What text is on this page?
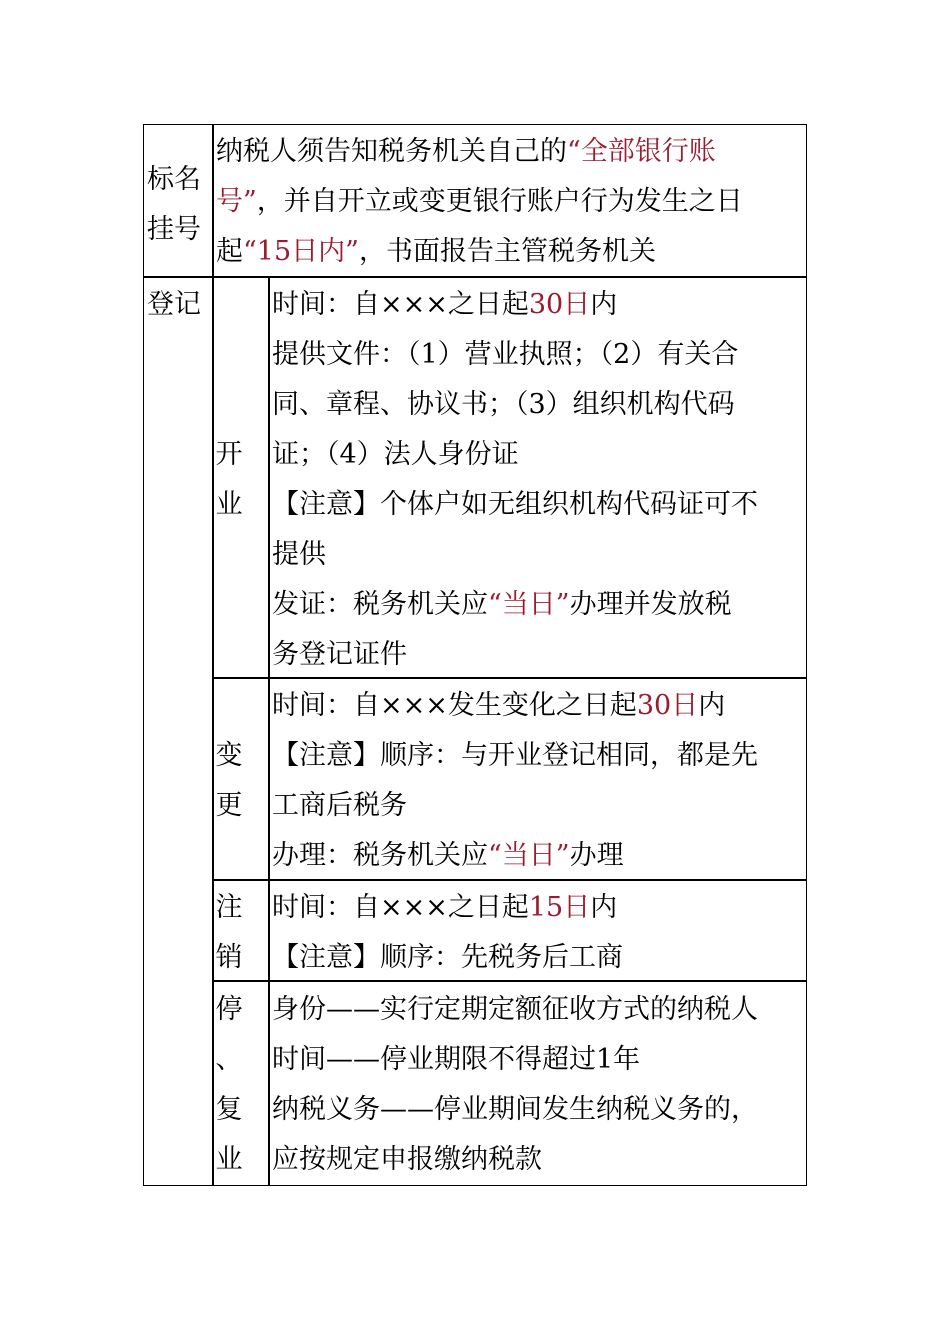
标名
挂号
纳税人须告知税务机关自己的“全部银行账
号”，并自开立或变更银行账户行为发生之日
起“15日内”，书面报告主管税务机关
登记
开
业
时间：自×××之日起30日内
提供文件：（1）营业执照；（2）有关合
同、章程、协议书；（3）组织机构代码
证；（4）法人身份证
【注意】个体户如无组织机构代码证可不
提供
发证：税务机关应“当日”办理并发放税
务登记证件
变
更
时间：自×××发生变化之日起30日内
【注意】顺序：与开业登记相同，都是先
工商后税务
办理：税务机关应“当日”办理
注
销
时间：自×××之日起15日内
【注意】顺序：先税务后工商
停
、
复
业
身份——实行定期定额征收方式的纳税人
时间——停业期限不得超过1年
纳税义务——停业期间发生纳税义务的，
应按规定申报缴纳税款
